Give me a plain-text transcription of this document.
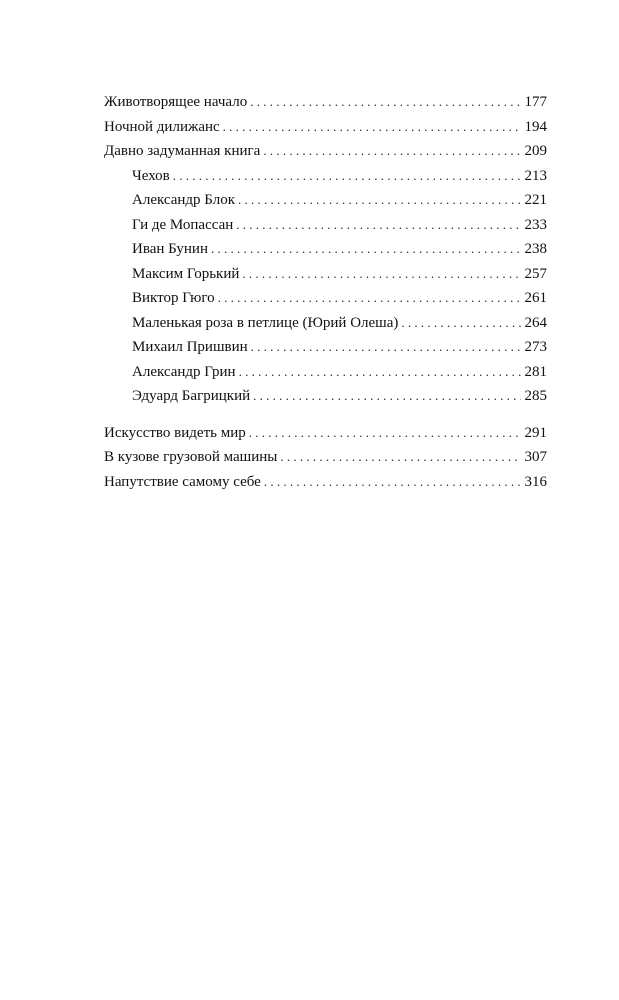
Животворящее начало . . .	177
Ночной дилижанс . . .	194
Давно задуманная книга . . .	209
Чехов . . .	213
Александр Блок . . .	221
Ги де Мопассан . . .	233
Иван Бунин . . .	238
Максим Горький . . .	257
Виктор Гюго . . .	261
Маленькая роза в петлице (Юрий Олеша) . . .	264
Михаил Пришвин . . .	273
Александр Грин . . .	281
Эдуард Багрицкий . . .	285
Искусство видеть мир . . .	291
В кузове грузовой машины . . .	307
Напутствие самому себе . . .	316
